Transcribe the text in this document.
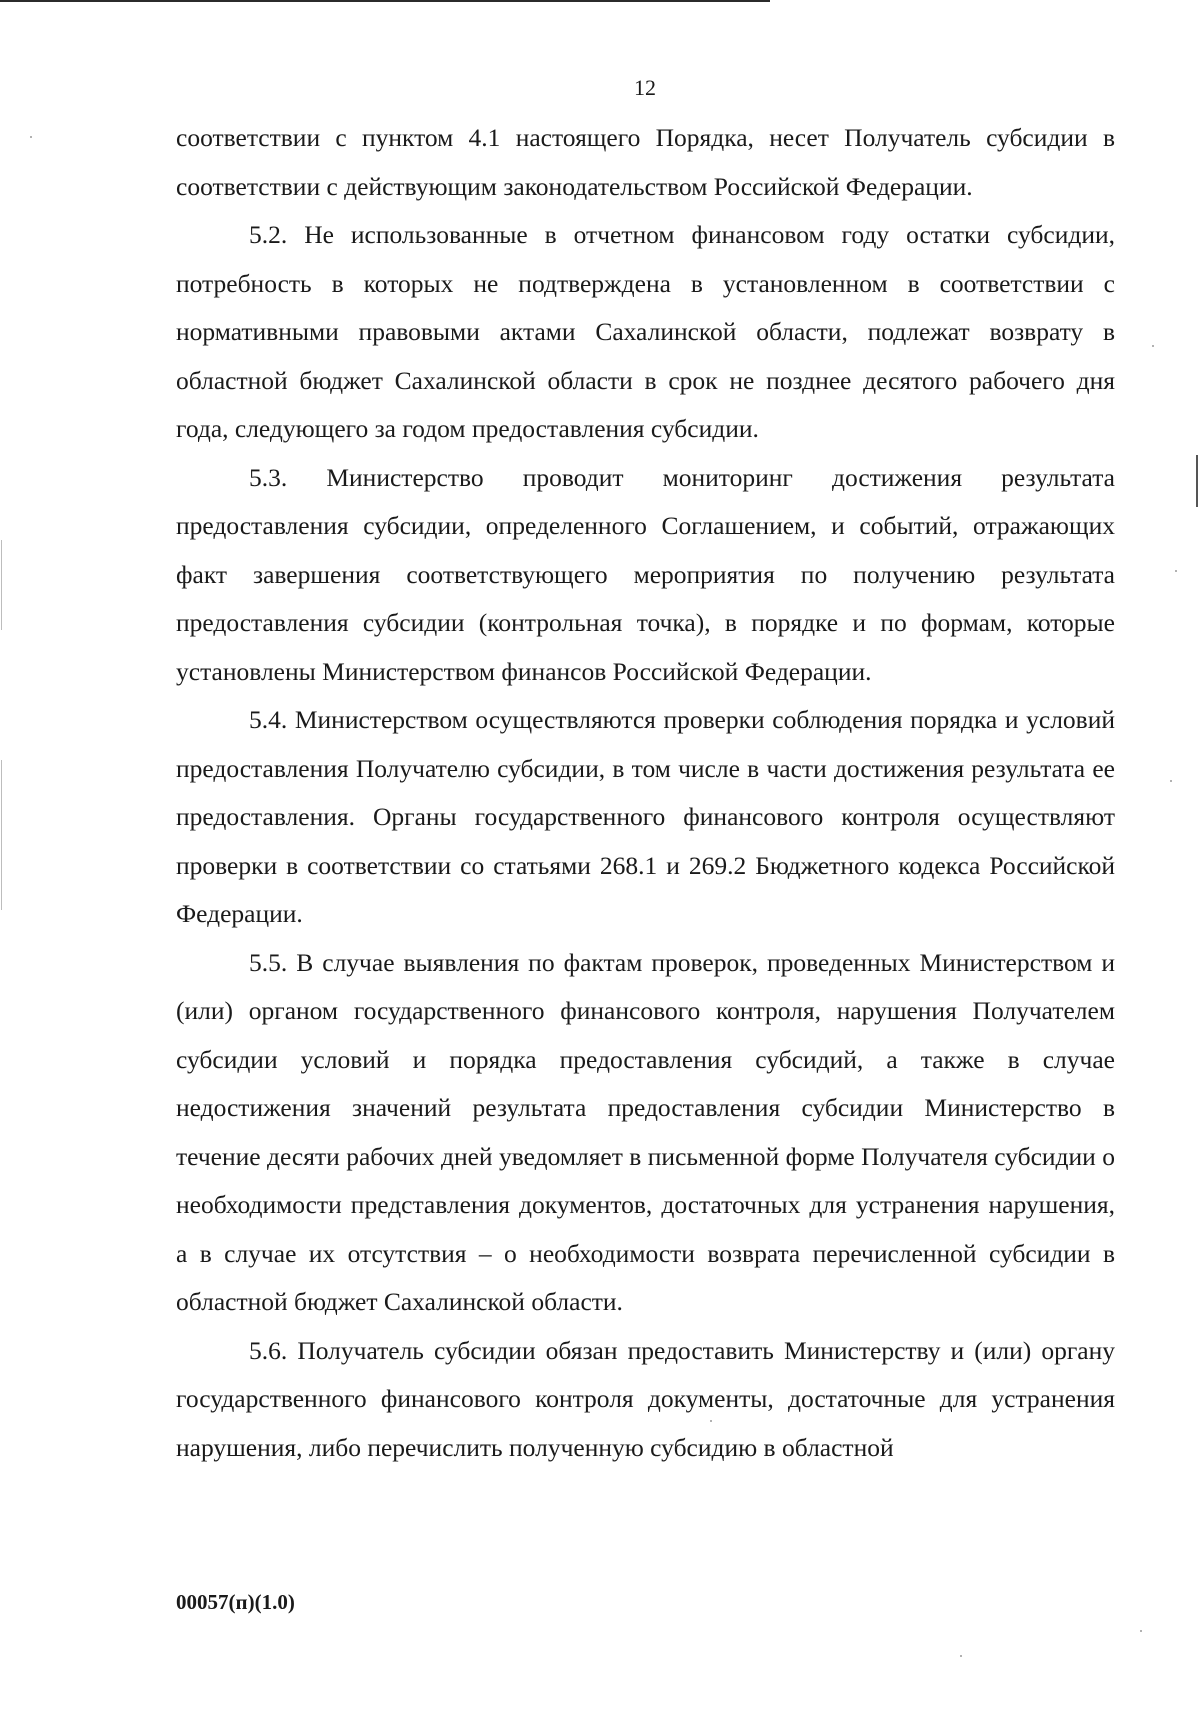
12

соответствии с пунктом 4.1 настоящего Порядка, несет Получатель субсидии в соответствии с действующим законодательством Российской Федерации.

5.2. Не использованные в отчетном финансовом году остатки субсидии, потребность в которых не подтверждена в установленном в соответствии с нормативными правовыми актами Сахалинской области, подлежат возврату в областной бюджет Сахалинской области в срок не позднее десятого рабочего дня года, следующего за годом предоставления субсидии.

5.3. Министерство проводит мониторинг достижения результата предоставления субсидии, определенного Соглашением, и событий, отражающих факт завершения соответствующего мероприятия по получению результата предоставления субсидии (контрольная точка), в порядке и по формам, которые установлены Министерством финансов Российской Федерации.

5.4. Министерством осуществляются проверки соблюдения порядка и условий предоставления Получателю субсидии, в том числе в части достижения результата ее предоставления. Органы государственного финансового контроля осуществляют проверки в соответствии со статьями 268.1 и 269.2 Бюджетного кодекса Российской Федерации.

5.5. В случае выявления по фактам проверок, проведенных Министерством и (или) органом государственного финансового контроля, нарушения Получателем субсидии условий и порядка предоставления субсидий, а также в случае недостижения значений результата предоставления субсидии Министерство в течение десяти рабочих дней уведомляет в письменной форме Получателя субсидии о необходимости представления документов, достаточных для устранения нарушения, а в случае их отсутствия – о необходимости возврата перечисленной субсидии в областной бюджет Сахалинской области.

5.6. Получатель субсидии обязан предоставить Министерству и (или) органу государственного финансового контроля документы, достаточные для устранения нарушения, либо перечислить полученную субсидию в областной

00057(п)(1.0)
